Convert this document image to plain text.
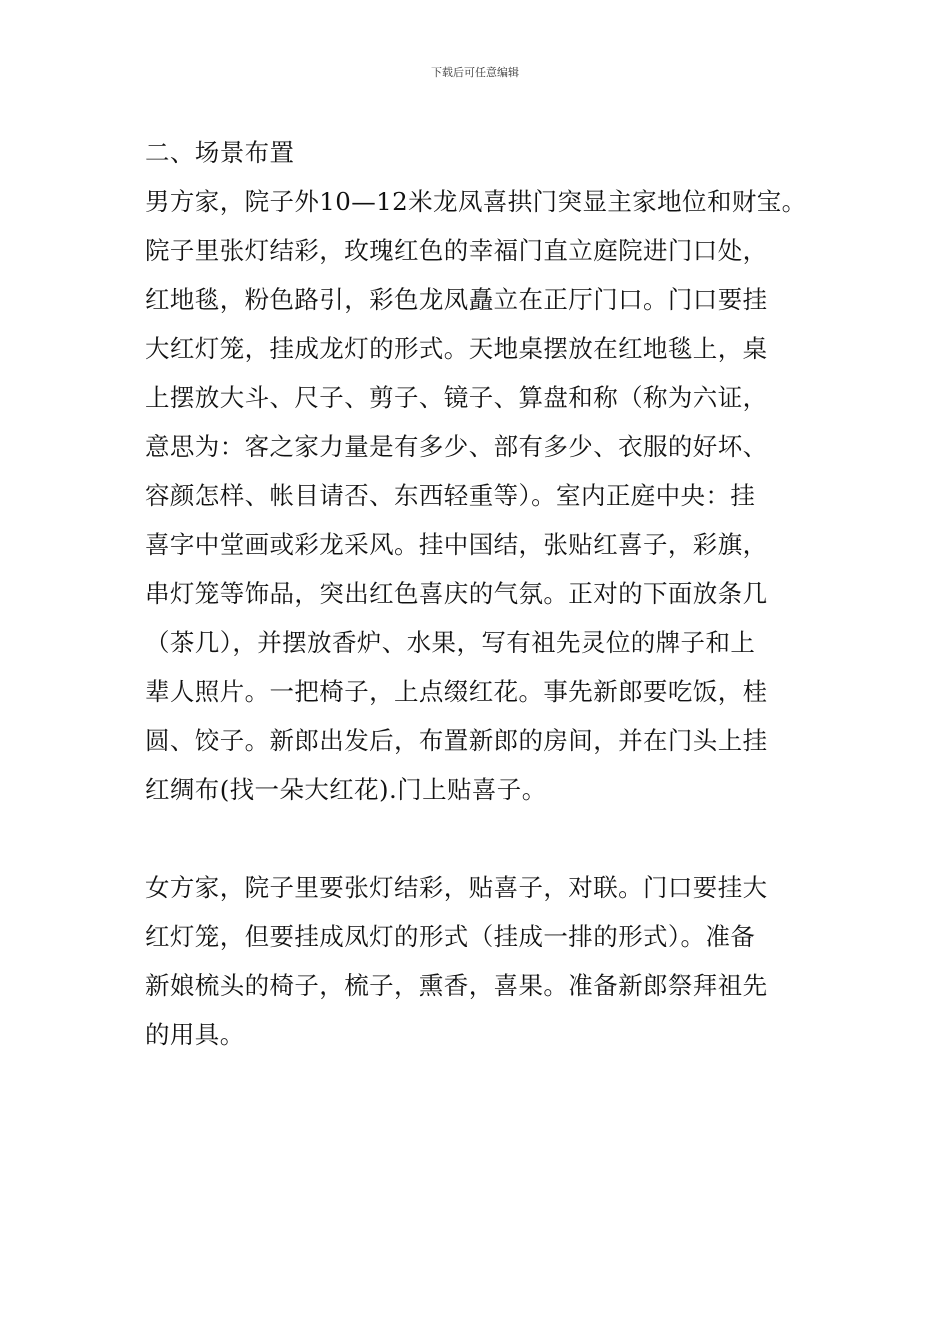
下载后可任意编辑
二、场景布置
男方家，院子外10—12米龙凤喜拱门突显主家地位和财宝。
院子里张灯结彩，玫瑰红色的幸福门直立庭院进门口处，
红地毯，粉色路引，彩色龙凤矗立在正厅门口。门口要挂
大红灯笼，挂成龙灯的形式。天地桌摆放在红地毯上，桌
上摆放大斗、尺子、剪子、镜子、算盘和称（称为六证，
意思为：客之家力量是有多少、部有多少、衣服的好坏、
容颜怎样、帐目请否、东西轻重等）。室内正庭中央：挂
喜字中堂画或彩龙采风。挂中国结，张贴红喜子，彩旗，
串灯笼等饰品，突出红色喜庆的气氛。正对的下面放条几
（茶几），并摆放香炉、水果，写有祖先灵位的牌子和上
辈人照片。一把椅子，上点缀红花。事先新郎要吃饭，桂
圆、饺子。新郎出发后，布置新郎的房间，并在门头上挂
红绸布(找一朵大红花).门上贴喜子。
女方家，院子里要张灯结彩，贴喜子，对联。门口要挂大
红灯笼，但要挂成凤灯的形式（挂成一排的形式）。准备
新娘梳头的椅子，梳子，熏香，喜果。准备新郎祭拜祖先
的用具。
